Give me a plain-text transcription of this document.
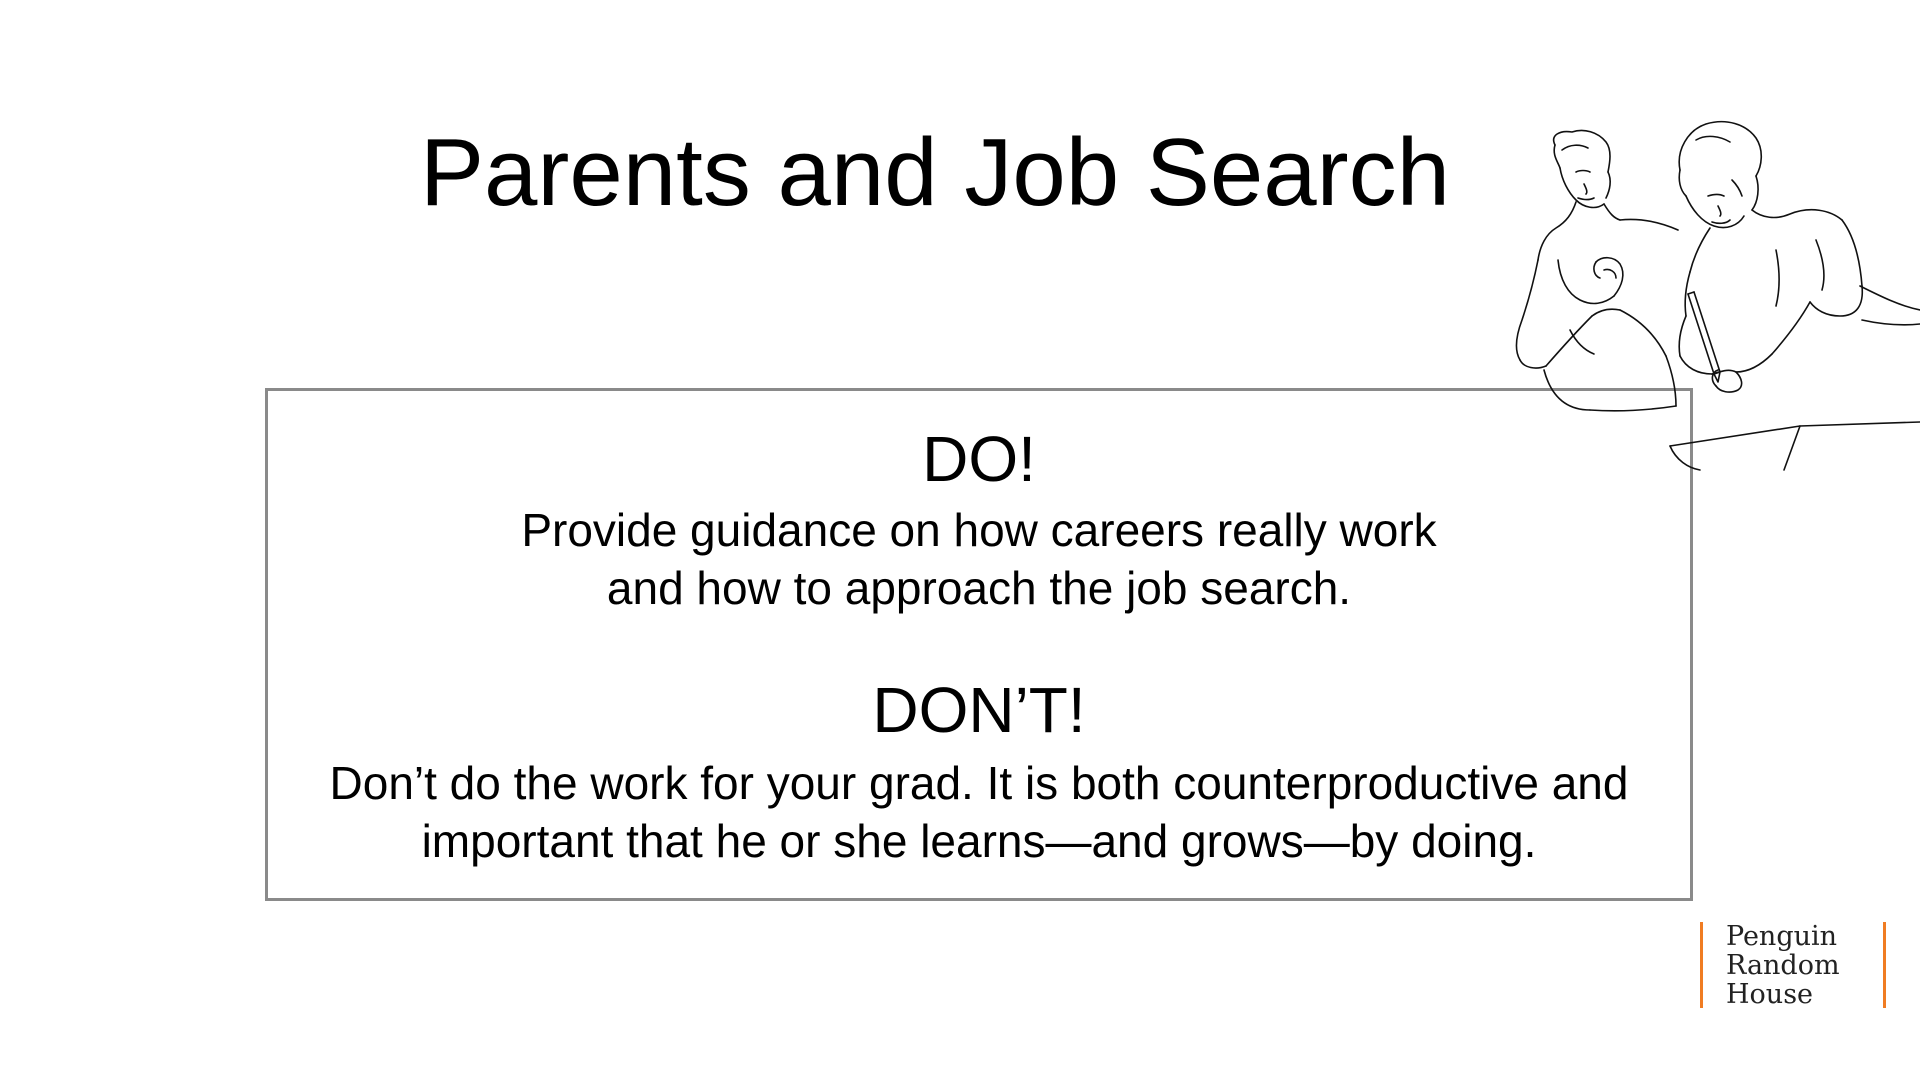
Parents and Job Search
DO!

Provide guidance on how careers really work
and how to approach the job search.

DON’T!

Don’t do the work for your grad. It is both counterproductive and
important that he or she learns—and grows—by doing.

Penguin
Random
House
